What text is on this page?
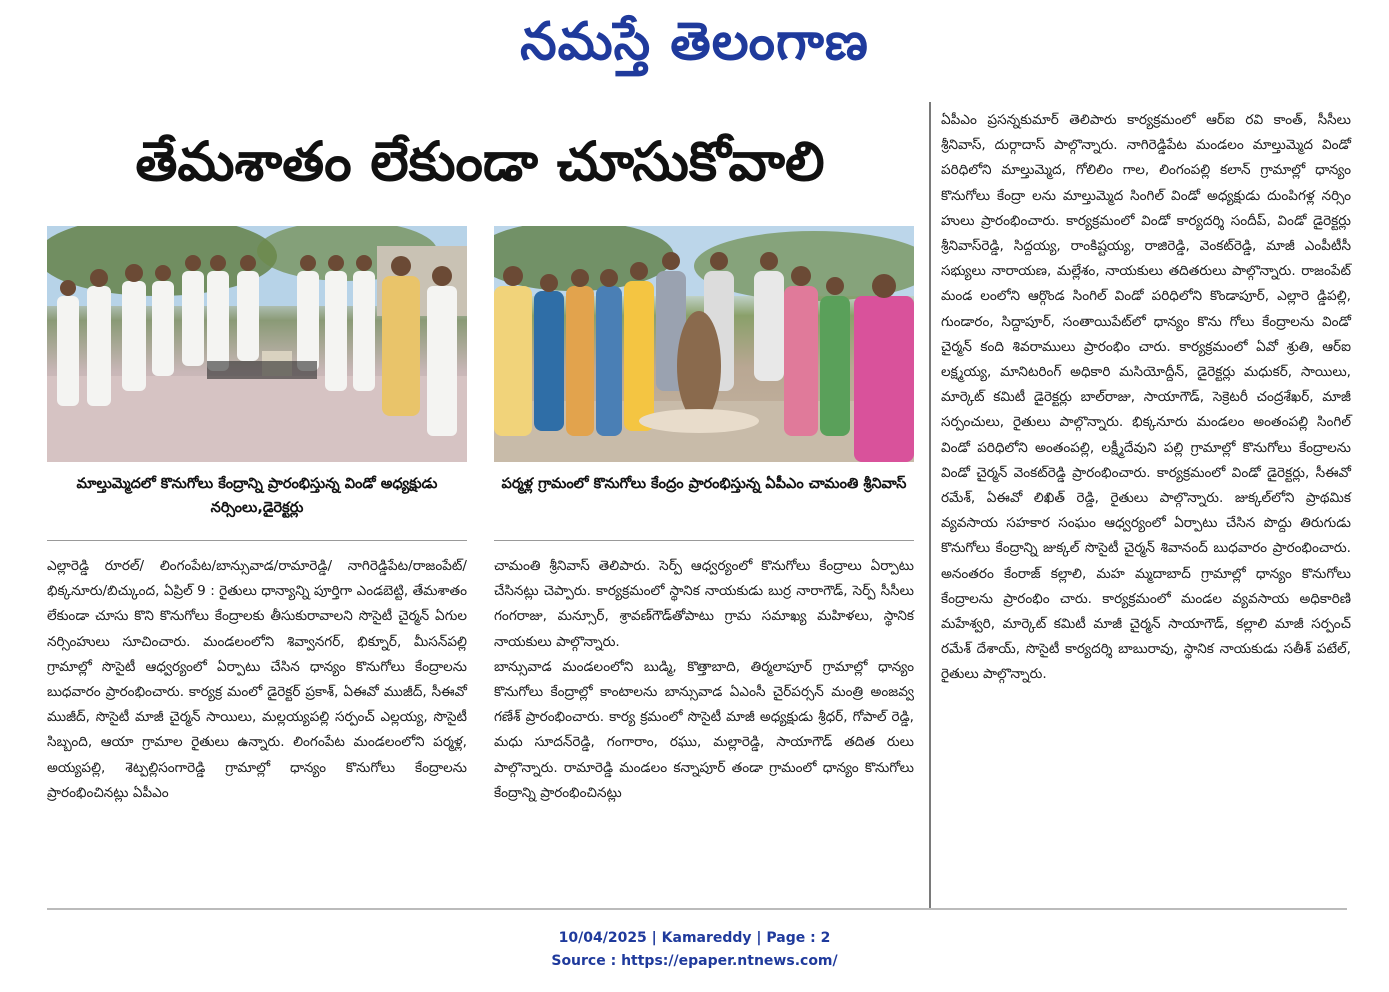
నమస్తే తెలంగాణ
తేమశాతం లేకుండా చూసుకోవాలి
మాల్తుమ్మెదలో కొనుగోలు కేంద్రాన్ని ప్రారంభిస్తున్న విండో అధ్యక్షుడు నర్సింలు,డైరెక్టర్లు
పర్మళ్ల గ్రామంలో కొనుగోలు కేంద్రం ప్రారంభిస్తున్న ఏపీఎం చామంతి శ్రీనివాస్

ఎల్లారెడ్డి రూరల్/ లింగంపేట/బాన్సువాడ/రామారెడ్డి/ నాగిరెడ్డిపేట/రాజంపేట్/భిక్కనూరు/బిచ్కుంద, ఏప్రిల్ 9 : రైతులు ధాన్యాన్ని పూర్తిగా ఎండబెట్టి, తేమశాతం లేకుండా చూసు కొని కొనుగోలు కేంద్రాలకు తీసుకురావాలని సొసైటీ చైర్మన్ ఏగుల నర్సింహులు సూచించారు. మండలంలోని శివ్వానగర్, భిక్నూర్, మీసన్‌పల్లి గ్రామాల్లో సొసైటీ ఆధ్వర్యంలో ఏర్పాటు చేసిన ధాన్యం కొనుగోలు కేంద్రాలను బుధవారం ప్రారంభించారు. కార్యక్ర మంలో డైరెక్టర్ ప్రకాశ్, ఏఈవో ముజీద్, సీఈవో ముజీద్, సొసైటీ మాజీ చైర్మన్ సాయిలు, మల్లయ్యపల్లి సర్పంచ్ ఎల్లయ్య, సొసైటీ సిబ్బంది, ఆయా గ్రామాల రైతులు ఉన్నారు. లింగంపేట మండలంలోని పర్మళ్ల, అయ్యపల్లి, శెట్పల్లిసంగారెడ్డి గ్రామాల్లో ధాన్యం కొనుగోలు కేంద్రాలను ప్రారంభించినట్లు ఏపీఎం

చామంతి శ్రీనివాస్ తెలిపారు. సెర్ప్ ఆధ్వర్యంలో కొనుగోలు కేంద్రాలు ఏర్పాటు చేసినట్లు చెప్పారు. కార్యక్రమంలో స్థానిక నాయకుడు బుర్ర నారాగౌడ్, సెర్ప్ సీసీలు గంగరాజు, మన్సూర్, శ్రావణ్‌గౌడ్‌తోపాటు గ్రామ సమాఖ్య మహిళలు, స్థానిక నాయకులు పాల్గొన్నారు.

బాన్సువాడ మండలంలోని బుడ్మి, కొత్తాబాది, తిర్మలాపూర్ గ్రామాల్లో ధాన్యం కొనుగోలు కేంద్రాల్లో కాంటాలను బాన్సువాడ ఏఎంసీ చైర్‌పర్సన్ మంత్రి అంజవ్వ గణేశ్ ప్రారంభించారు. కార్య క్రమంలో సొసైటీ మాజీ అధ్యక్షుడు శ్రీధర్, గోపాల్ రెడ్డి, మధు సూదన్‌రెడ్డి, గంగారాం, రఘు, మల్లారెడ్డి, సాయాగౌడ్ తదిత రులు పాల్గొన్నారు. రామారెడ్డి మండలం కన్నాపూర్ తండా గ్రామంలో ధాన్యం కొనుగోలు కేంద్రాన్ని ప్రారంభించినట్లు

ఏపీఎం ప్రసన్నకుమార్ తెలిపారు కార్యక్రమంలో ఆర్ఐ రవి కాంత్, సీసీలు శ్రీనివాస్, దుర్గాదాస్ పాల్గొన్నారు. నాగిరెడ్డిపేట మండలం మాల్తుమ్మెద విండో పరిధిలోని మాల్తుమ్మెద, గోలిలిం గాల, లింగంపల్లి కలాన్ గ్రామాల్లో ధాన్యం కొనుగోలు కేంద్రా లను మాల్తుమ్మెద సింగిల్ విండో అధ్యక్షుడు దుంపిగళ్ల నర్సిం హులు ప్రారంభించారు. కార్యక్రమంలో విండో కార్యదర్శి సందీప్, విండో డైరెక్టర్లు శ్రీనివాస్‌రెడ్డి, సిద్దయ్య, రాంకిష్టయ్య, రాజిరెడ్డి, వెంకట్‌రెడ్డి, మాజీ ఎంపీటీసీ సభ్యులు నారాయణ, మల్లేశం, నాయకులు తదితరులు పాల్గొన్నారు. రాజంపేట్ మండ లంలోని ఆర్గొండ సింగిల్ విండో పరిధిలోని కొండాపూర్, ఎల్లారె డ్డిపల్లి, గుండారం, సిద్దాపూర్, సంతాయిపేట్‌లో ధాన్యం కొను గోలు కేంద్రాలను విండో చైర్మన్ కంది శివరాములు ప్రారంభిం చారు. కార్యక్రమంలో ఏవో శ్రుతి, ఆర్ఐ లక్ష్మయ్య, మానిటరింగ్ అధికారి మసియోద్దీన్, డైరెక్టర్లు మధుకర్, సాయిలు, మార్కెట్ కమిటీ డైరెక్టర్లు బాల్‌రాజు, సాయాగౌడ్, సెక్రెటరీ చంద్రశేఖర్, మాజీ సర్పంచులు, రైతులు పాల్గొన్నారు. భిక్కనూరు మండలం అంతంపల్లి సింగిల్ విండో పరిధిలోని అంతంపల్లి, లక్ష్మీదేవుని పల్లి గ్రామాల్లో కొనుగోలు కేంద్రాలను విండో చైర్మన్ వెంకట్‌రెడ్డి ప్రారంభించారు. కార్యక్రమంలో విండో డైరెక్టర్లు, సీఈవో రమేశ్, ఏఈవో లిఖిత్ రెడ్డి, రైతులు పాల్గొన్నారు. జుక్కల్‌లోని ప్రాథమిక వ్యవసాయ సహకార సంఘం ఆధ్వర్యంలో ఏర్పాటు చేసిన పొద్దు తిరుగుడు కొనుగోలు కేంద్రాన్ని జుక్కల్ సొసైటీ చైర్మన్ శివానంద్ బుధవారం ప్రారంభించారు. అనంతరం కేంరాజ్ కల్లాలి, మహ మ్మదాబాద్ గ్రామాల్లో ధాన్యం కొనుగోలు కేంద్రాలను ప్రారంభిం చారు. కార్యక్రమంలో మండల వ్యవసాయ అధికారిణి మహేశ్వరి, మార్కెట్ కమిటీ మాజీ చైర్మన్ సాయాగౌడ్, కల్లాలి మాజీ సర్పంచ్ రమేశ్ దేశాయ్, సొసైటీ కార్యదర్శి బాబురావు, స్థానిక నాయకుడు సతీశ్ పటేల్, రైతులు పాల్గొన్నారు.

10/04/2025 | Kamareddy | Page : 2
Source : https://epaper.ntnews.com/
